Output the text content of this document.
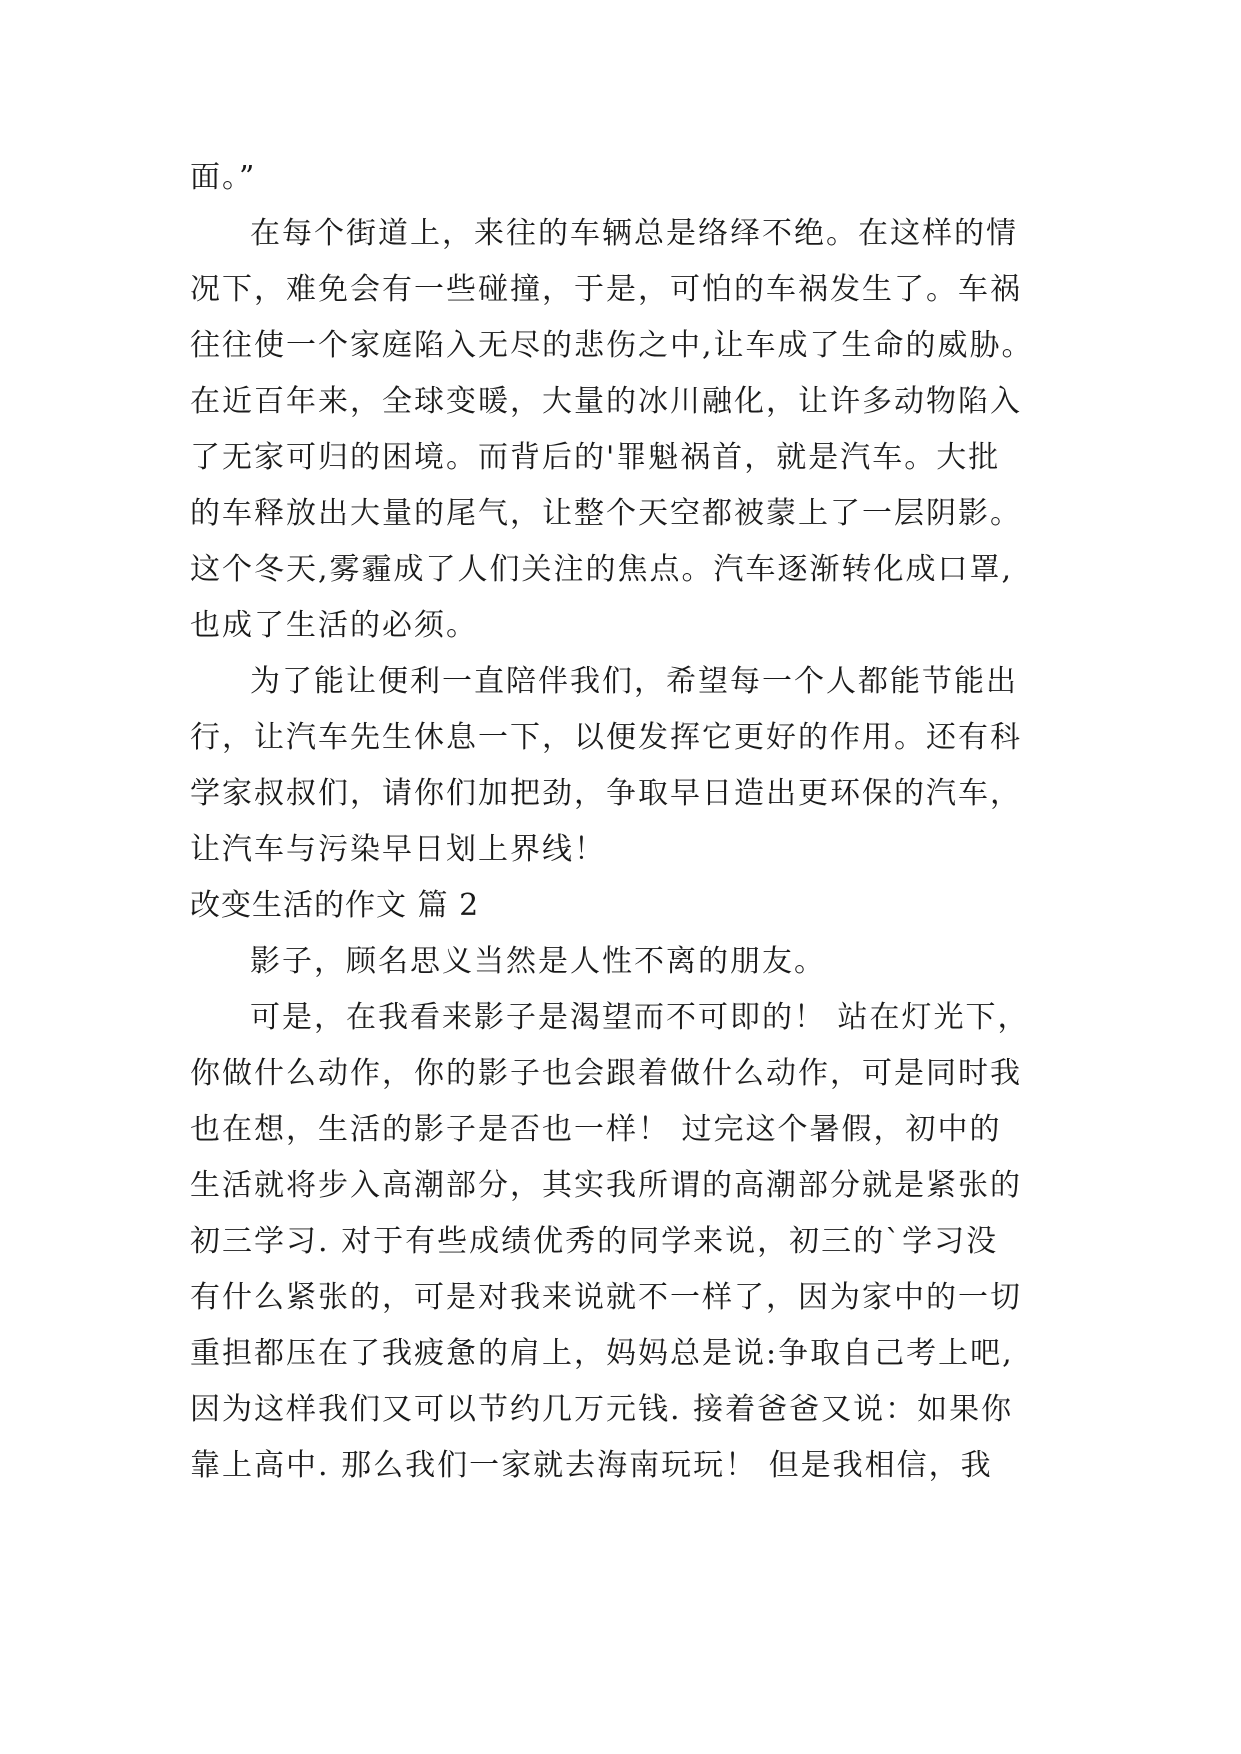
面。”
在每个街道上，来往的车辆总是络绎不绝。在这样的情
况下，难免会有一些碰撞，于是，可怕的车祸发生了。车祸
往往使一个家庭陷入无尽的悲伤之中,让车成了生命的威胁。
在近百年来，全球变暖，大量的冰川融化，让许多动物陷入
了无家可归的困境。而背后的'罪魁祸首，就是汽车。大批
的车释放出大量的尾气，让整个天空都被蒙上了一层阴影。
这个冬天,雾霾成了人们关注的焦点。汽车逐渐转化成口罩,
也成了生活的必须。
为了能让便利一直陪伴我们，希望每一个人都能节能出
行，让汽车先生休息一下，以便发挥它更好的作用。还有科
学家叔叔们，请你们加把劲，争取早日造出更环保的汽车，
让汽车与污染早日划上界线！
改变生活的作文 篇 2
影子，顾名思义当然是人性不离的朋友。
可是，在我看来影子是渴望而不可即的！ 站在灯光下，
你做什么动作，你的影子也会跟着做什么动作，可是同时我
也在想，生活的影子是否也一样！ 过完这个暑假，初中的
生活就将步入高潮部分，其实我所谓的高潮部分就是紧张的
初三学习. 对于有些成绩优秀的同学来说，初三的`学习没
有什么紧张的，可是对我来说就不一样了，因为家中的一切
重担都压在了我疲惫的肩上，妈妈总是说:争取自己考上吧,
因为这样我们又可以节约几万元钱. 接着爸爸又说：如果你
靠上高中. 那么我们一家就去海南玩玩！ 但是我相信，我
